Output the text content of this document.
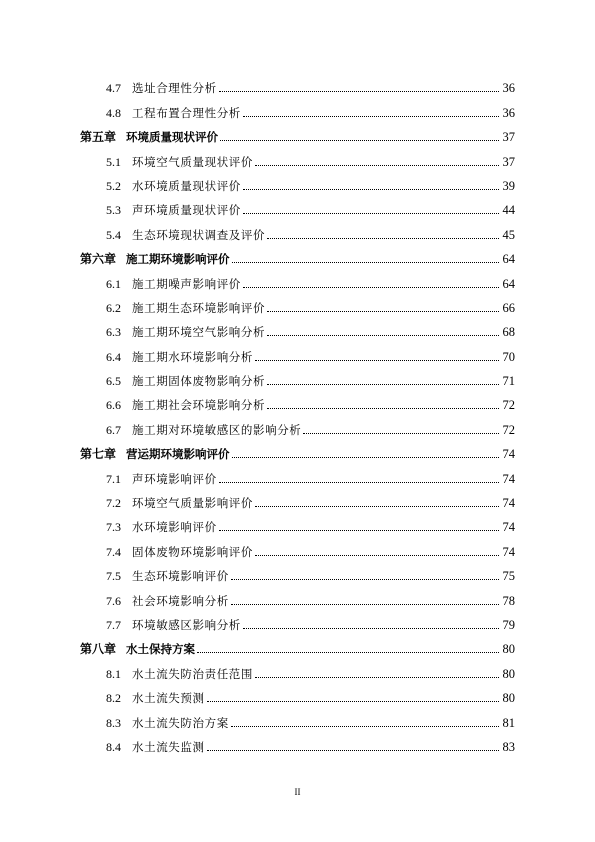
4.7 选址合理性分析	36
4.8 工程布置合理性分析	36
第五章 环境质量现状评价	37
5.1 环境空气质量现状评价	37
5.2 水环境质量现状评价	39
5.3 声环境质量现状评价	44
5.4 生态环境现状调查及评价	45
第六章 施工期环境影响评价	64
6.1 施工期噪声影响评价	64
6.2 施工期生态环境影响评价	66
6.3 施工期环境空气影响分析	68
6.4 施工期水环境影响分析	70
6.5 施工期固体废物影响分析	71
6.6 施工期社会环境影响分析	72
6.7 施工期对环境敏感区的影响分析	72
第七章 营运期环境影响评价	74
7.1 声环境影响评价	74
7.2 环境空气质量影响评价	74
7.3 水环境影响评价	74
7.4 固体废物环境影响评价	74
7.5 生态环境影响评价	75
7.6 社会环境影响分析	78
7.7 环境敏感区影响分析	79
第八章 水土保持方案	80
8.1 水土流失防治责任范围	80
8.2 水土流失预测	80
8.3 水土流失防治方案	81
8.4 水土流失监测	83
II
